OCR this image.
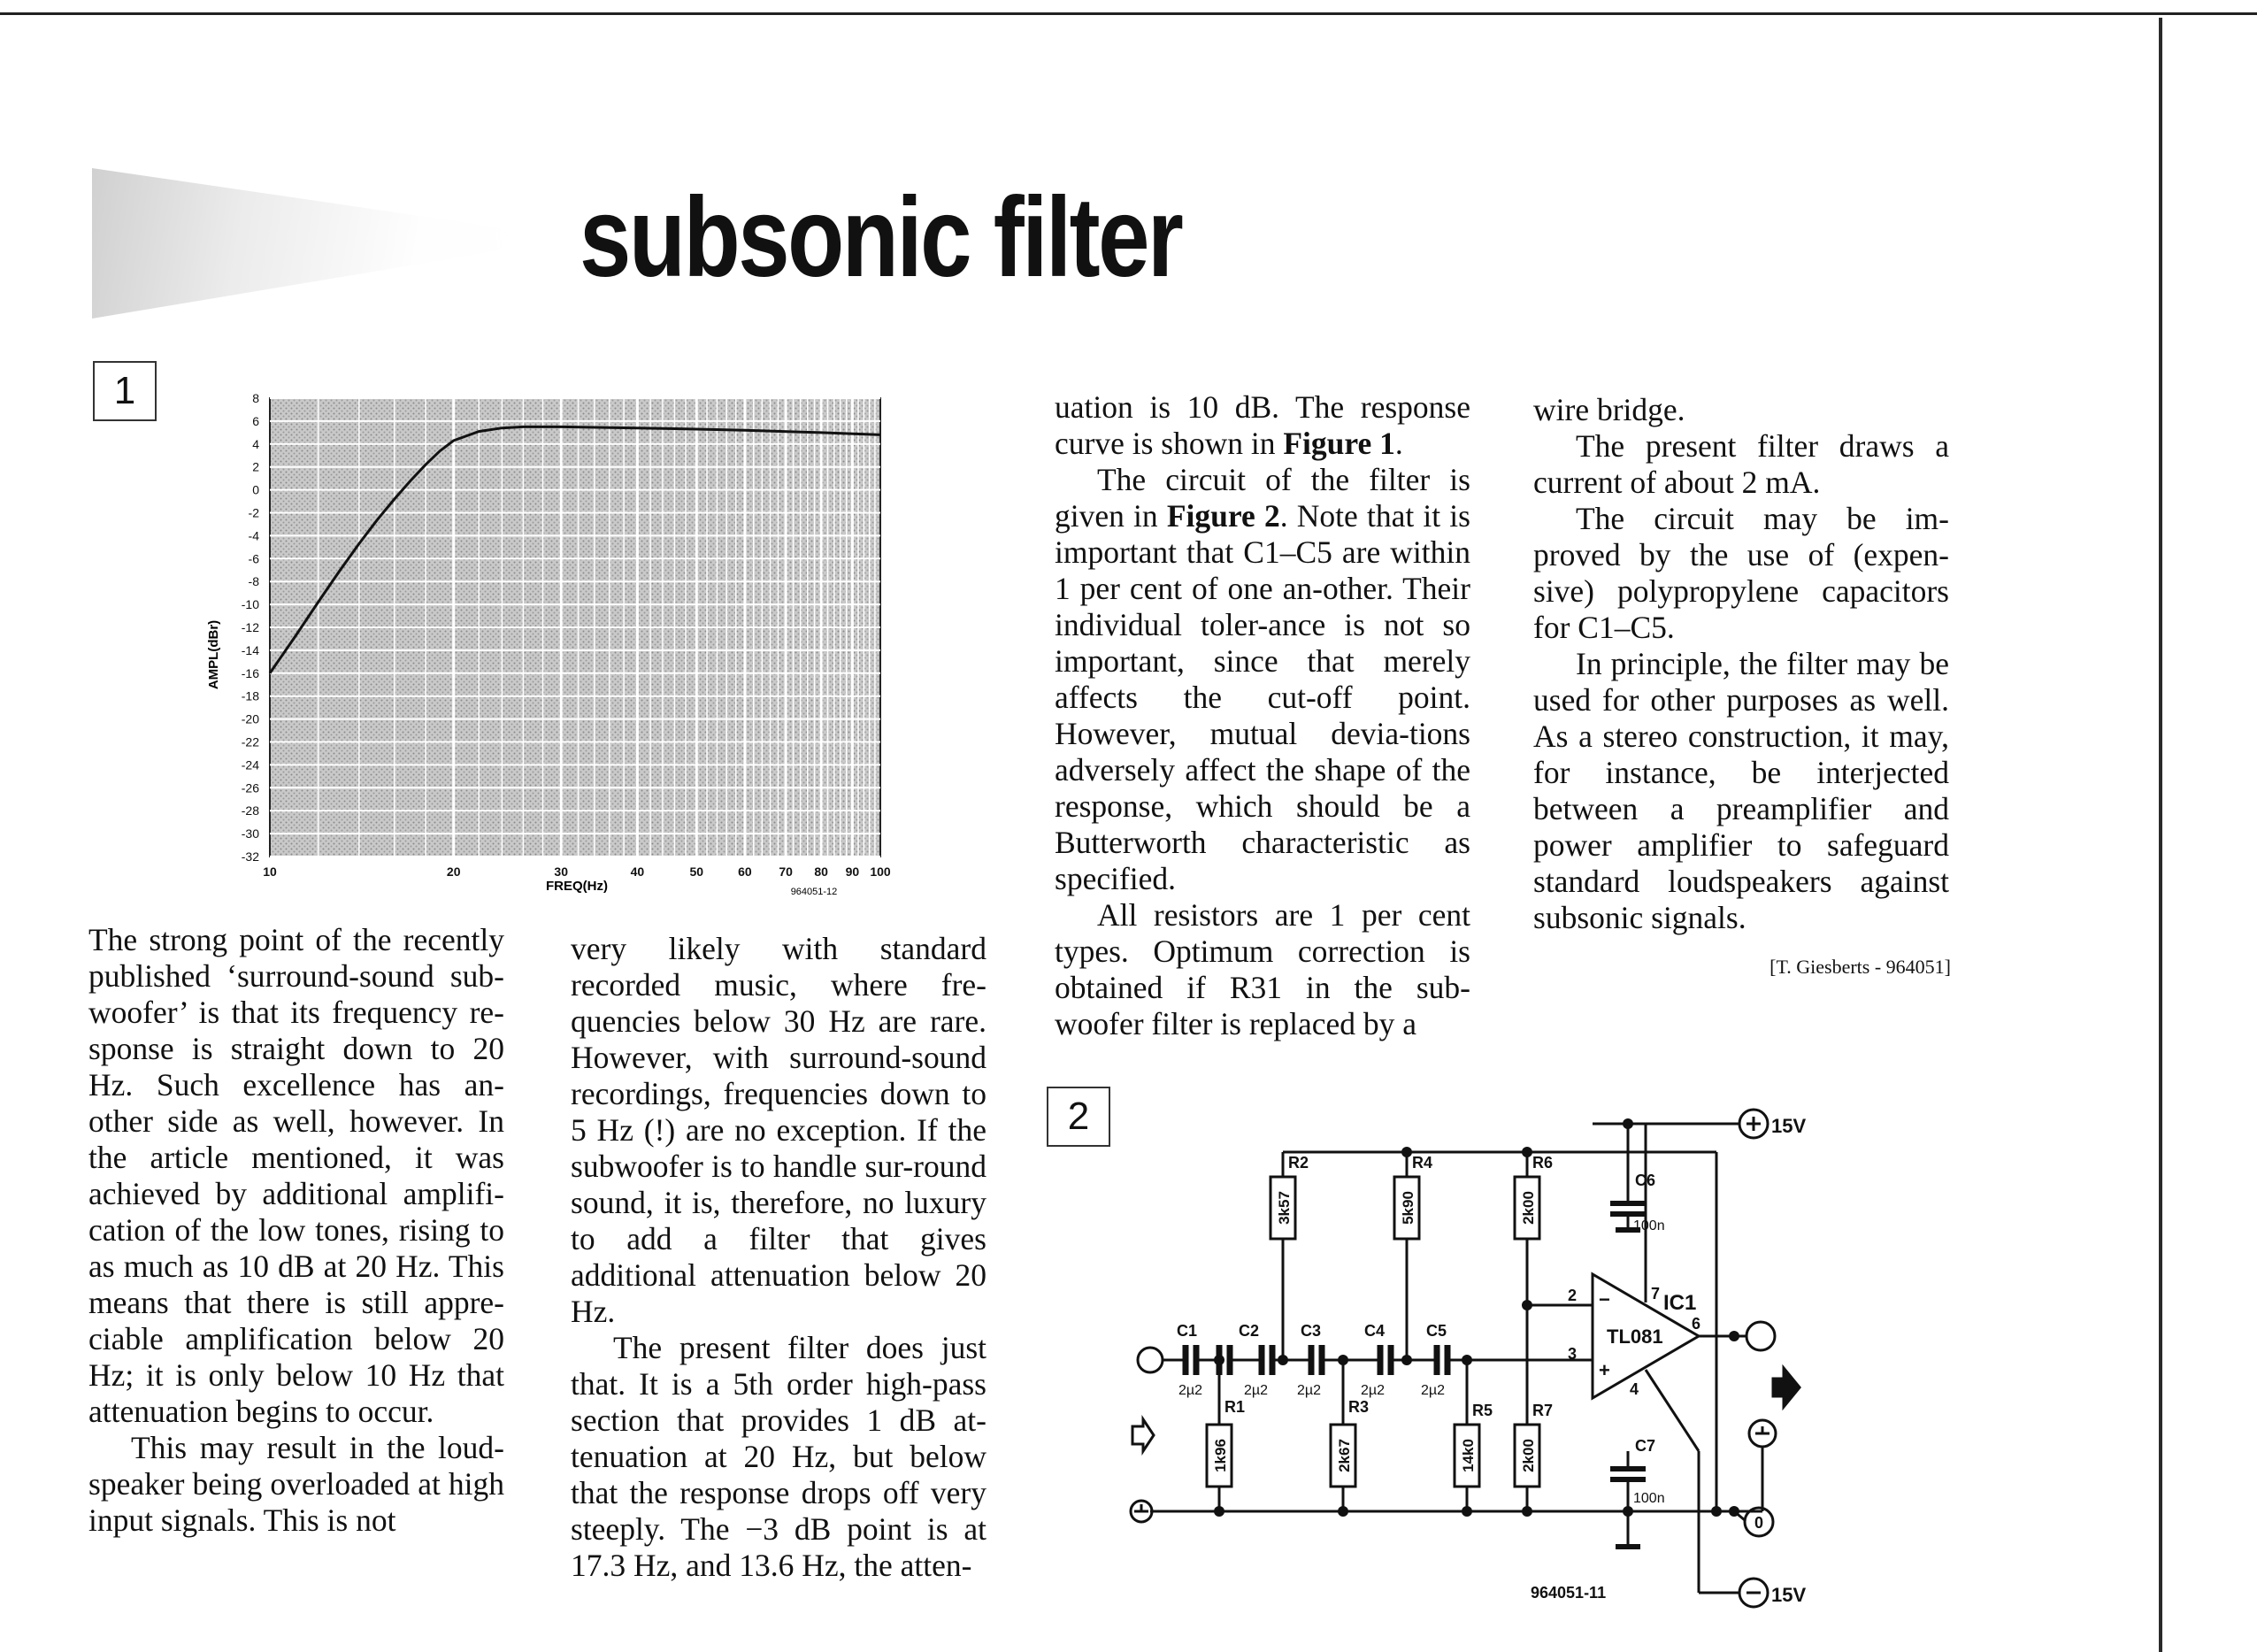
subsonic filter
1	8
6
4
2
0
-2
-4
-6
-8
-10
-12
-14
-16
-18
-20
-22
-24
-26
-28
-30
-32
10	20	30	40	50	60 70 80 90 100
AMPL(dBr)
FREQ(Hz)	964051-12

The strong point of the recently published ‘surround-sound sub-woofer’ is that its frequency re-sponse is straight down to 20 Hz. Such excellence has an-other side as well, however. In the article mentioned, it was achieved by additional amplifi-cation of the low tones, rising to as much as 10 dB at 20 Hz. This means that there is still appre-ciable amplification below 20 Hz; it is only below 10 Hz that attenuation begins to occur.

This may result in the loud-speaker being overloaded at high input signals. This is not

very likely with standard recorded music, where fre-quencies below 30 Hz are rare. However, with surround-sound recordings, frequencies down to 5 Hz (!) are no exception. If the subwoofer is to handle sur-round sound, it is, therefore, no luxury to add a filter that gives additional attenuation below 20 Hz.

The present filter does just that. It is a 5th order high-pass section that provides 1 dB at-tenuation at 20 Hz, but below that the response drops off very steeply. The −3 dB point is at 17.3 Hz, and 13.6 Hz, the atten-

uation is 10 dB. The response curve is shown in Figure 1.

The circuit of the filter is given in Figure 2. Note that it is important that C1–C5 are within 1 per cent of one an-other. Their individual toler-ance is not so important, since that merely affects the cut-off point. However, mutual devia-tions adversely affect the shape of the response, which should be a Butterworth characteristic as specified.

All resistors are 1 per cent types. Optimum correction is obtained if R31 in the sub-woofer filter is replaced by a

wire bridge.

The present filter draws a current of about 2 mA.

The circuit may be im-proved by the use of (expen-sive) polypropylene capacitors for C1–C5.

In principle, the filter may be used for other purposes as well. As a stereo construction, it may, for instance, be interjected between a preamplifier and power amplifier to safeguard standard loudspeakers against subsonic signals.

[T. Giesberts - 964051]
2	15V
15V
IC1
TL081
0
2
3
4
6
7
−
+
C1	C2	C3	C4	C5
C6
C7
2µ2	2µ2 2µ2	2µ2	2µ2
100n
100n
R1
R2
R3
R4
R5
R6
R7
1k96
3k57
2k67
5k90
14k0
2k00
2k00
964051-11
